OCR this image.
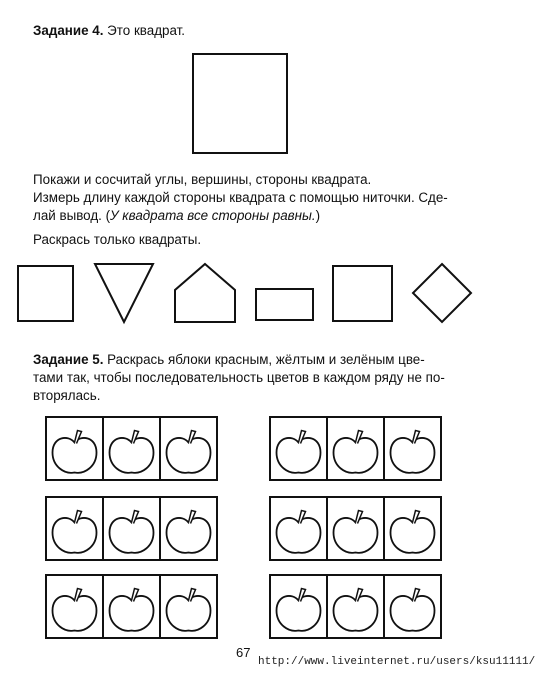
Задание 4. Это квадрат.
Покажи и сосчитай углы, вершины, стороны квадрата.
Измерь длину каждой стороны квадрата с помощью ниточки. Сде-
лай вывод. (У квадрата все стороны равны.)
Раскрась только квадраты.
Задание 5. Раскрась яблоки красным, жёлтым и зелёным цве-
тами так, чтобы последовательность цветов в каждом ряду не по-
вторялась.
67
http://www.liveinternet.ru/users/ksu11111/
